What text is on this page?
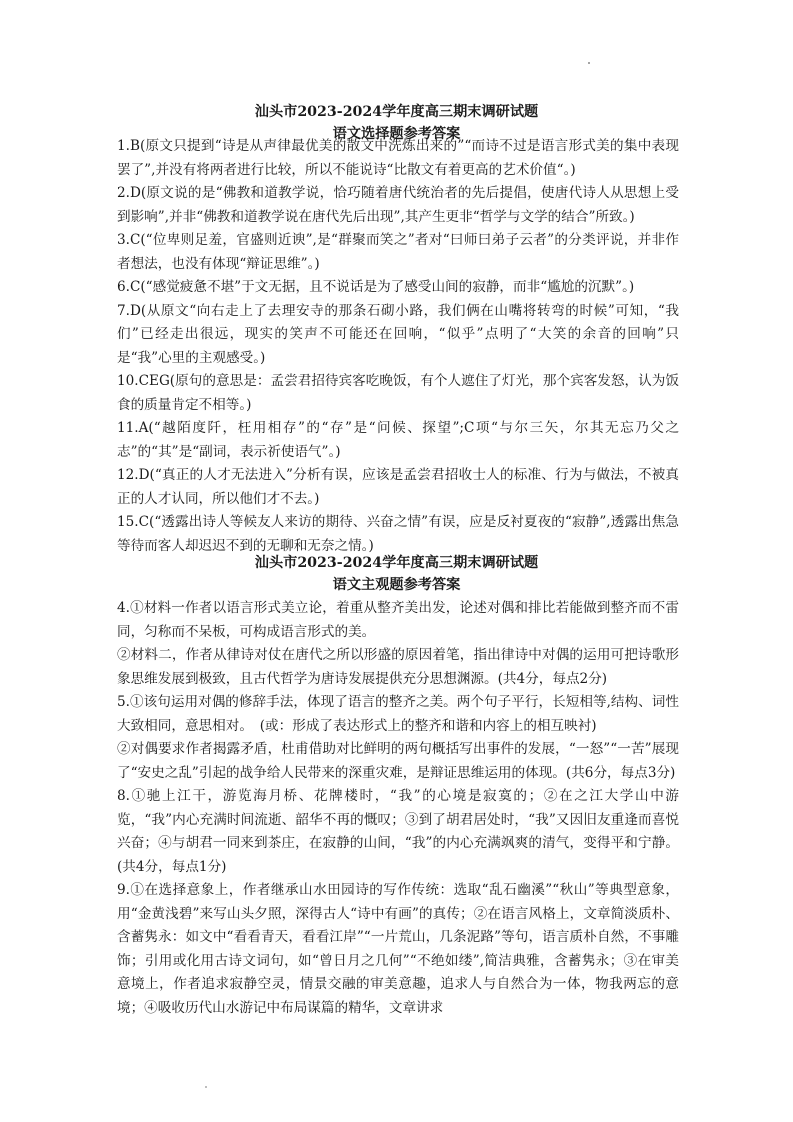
汕头市2023-2024学年度高三期末调研试题
语文选择题参考答案

1.B(原文只提到“诗是从声律最优美的散文中洗炼出来的”“而诗不过是语言形式美的集中表现罢了”,并没有将两者进行比较，所以不能说诗“比散文有着更高的艺术价值“。)

2.D(原文说的是“佛教和道教学说，恰巧随着唐代统治者的先后提倡，使唐代诗人从思想上受到影响”,并非“佛教和道教学说在唐代先后出现”,其产生更非“哲学与文学的结合”所致。)

3.C(“位卑则足羞，官盛则近谀”,是“群聚而笑之”者对“曰师曰弟子云者”的分类评说，并非作者想法，也没有体现“辩证思维”。)

6.C(“感觉疲惫不堪”于文无据，且不说话是为了感受山间的寂静，而非“尴尬的沉默”。)

7.D(从原文“向右走上了去理安寺的那条石砌小路，我们俩在山嘴将转弯的时候”可知，“我们”已经走出很远，现实的笑声不可能还在回响，“似乎”点明了“大笑的余音的回响”只是“我”心里的主观感受。)

10.CEG(原句的意思是：孟尝君招待宾客吃晚饭，有个人遮住了灯光，那个宾客发怒，认为饭食的质量肯定不相等。)

11.A(“越陌度阡，枉用相存”的“存”是“问候、探望”;C项“与尔三矢，尔其无忘乃父之志”的“其”是“副词，表示祈使语气”。)

12.D(“真正的人才无法进入”分析有误，应该是孟尝君招收士人的标准、行为与做法，不被真正的人才认同，所以他们才不去。)

15.C(“透露出诗人等候友人来访的期待、兴奋之情”有误，应是反衬夏夜的“寂静”,透露出焦急等待而客人却迟迟不到的无聊和无奈之情。)

汕头市2023-2024学年度高三期末调研试题
语文主观题参考答案

4.①材料一作者以语言形式美立论，着重从整齐美出发，论述对偶和排比若能做到整齐而不雷同，匀称而不呆板，可构成语言形式的美。

②材料二，作者从律诗对仗在唐代之所以形盛的原因着笔，指出律诗中对偶的运用可把诗歌形象思维发展到极致，且古代哲学为唐诗发展提供充分思想渊源。(共4分，每点2分)

5.①该句运用对偶的修辞手法，体现了语言的整齐之美。两个句子平行，长短相等,结构、词性大致相同，意思相对。　(或：形成了表达形式上的整齐和谐和内容上的相互映衬)

②对偶要求作者揭露矛盾，杜甫借助对比鲜明的两句概括写出事件的发展，“一怒”“一苦”展现了“安史之乱”引起的战争给人民带来的深重灾难，是辩证思维运用的体现。(共6分，每点3分)

8.①驰上江干，游览海月桥、花牌楼时，“我”的心境是寂寞的；②在之江大学山中游览，“我”内心充满时间流逝、韶华不再的慨叹；③到了胡君居处时，“我”又因旧友重逢而喜悦兴奋；④与胡君一同来到茶庄，在寂静的山间，“我”的内心充满飒爽的清气，变得平和宁静。(共4分，每点1分)

9.①在选择意象上，作者继承山水田园诗的写作传统：选取“乱石幽溪”“秋山”等典型意象，用“金黄浅碧”来写山头夕照，深得古人“诗中有画”的真传；②在语言风格上，文章简淡质朴、含蓄隽永：如文中“看看青天，看看江岸”“一片荒山，几条泥路”等句，语言质朴自然，不事雕饰；引用或化用古诗文词句，如“曾日月之几何”“不绝如缕”,简洁典雅，含蓄隽永；③在审美意境上，作者追求寂静空灵，情景交融的审美意趣，追求人与自然合为一体，物我两忘的意境；④吸收历代山水游记中布局谋篇的精华，文章讲求
